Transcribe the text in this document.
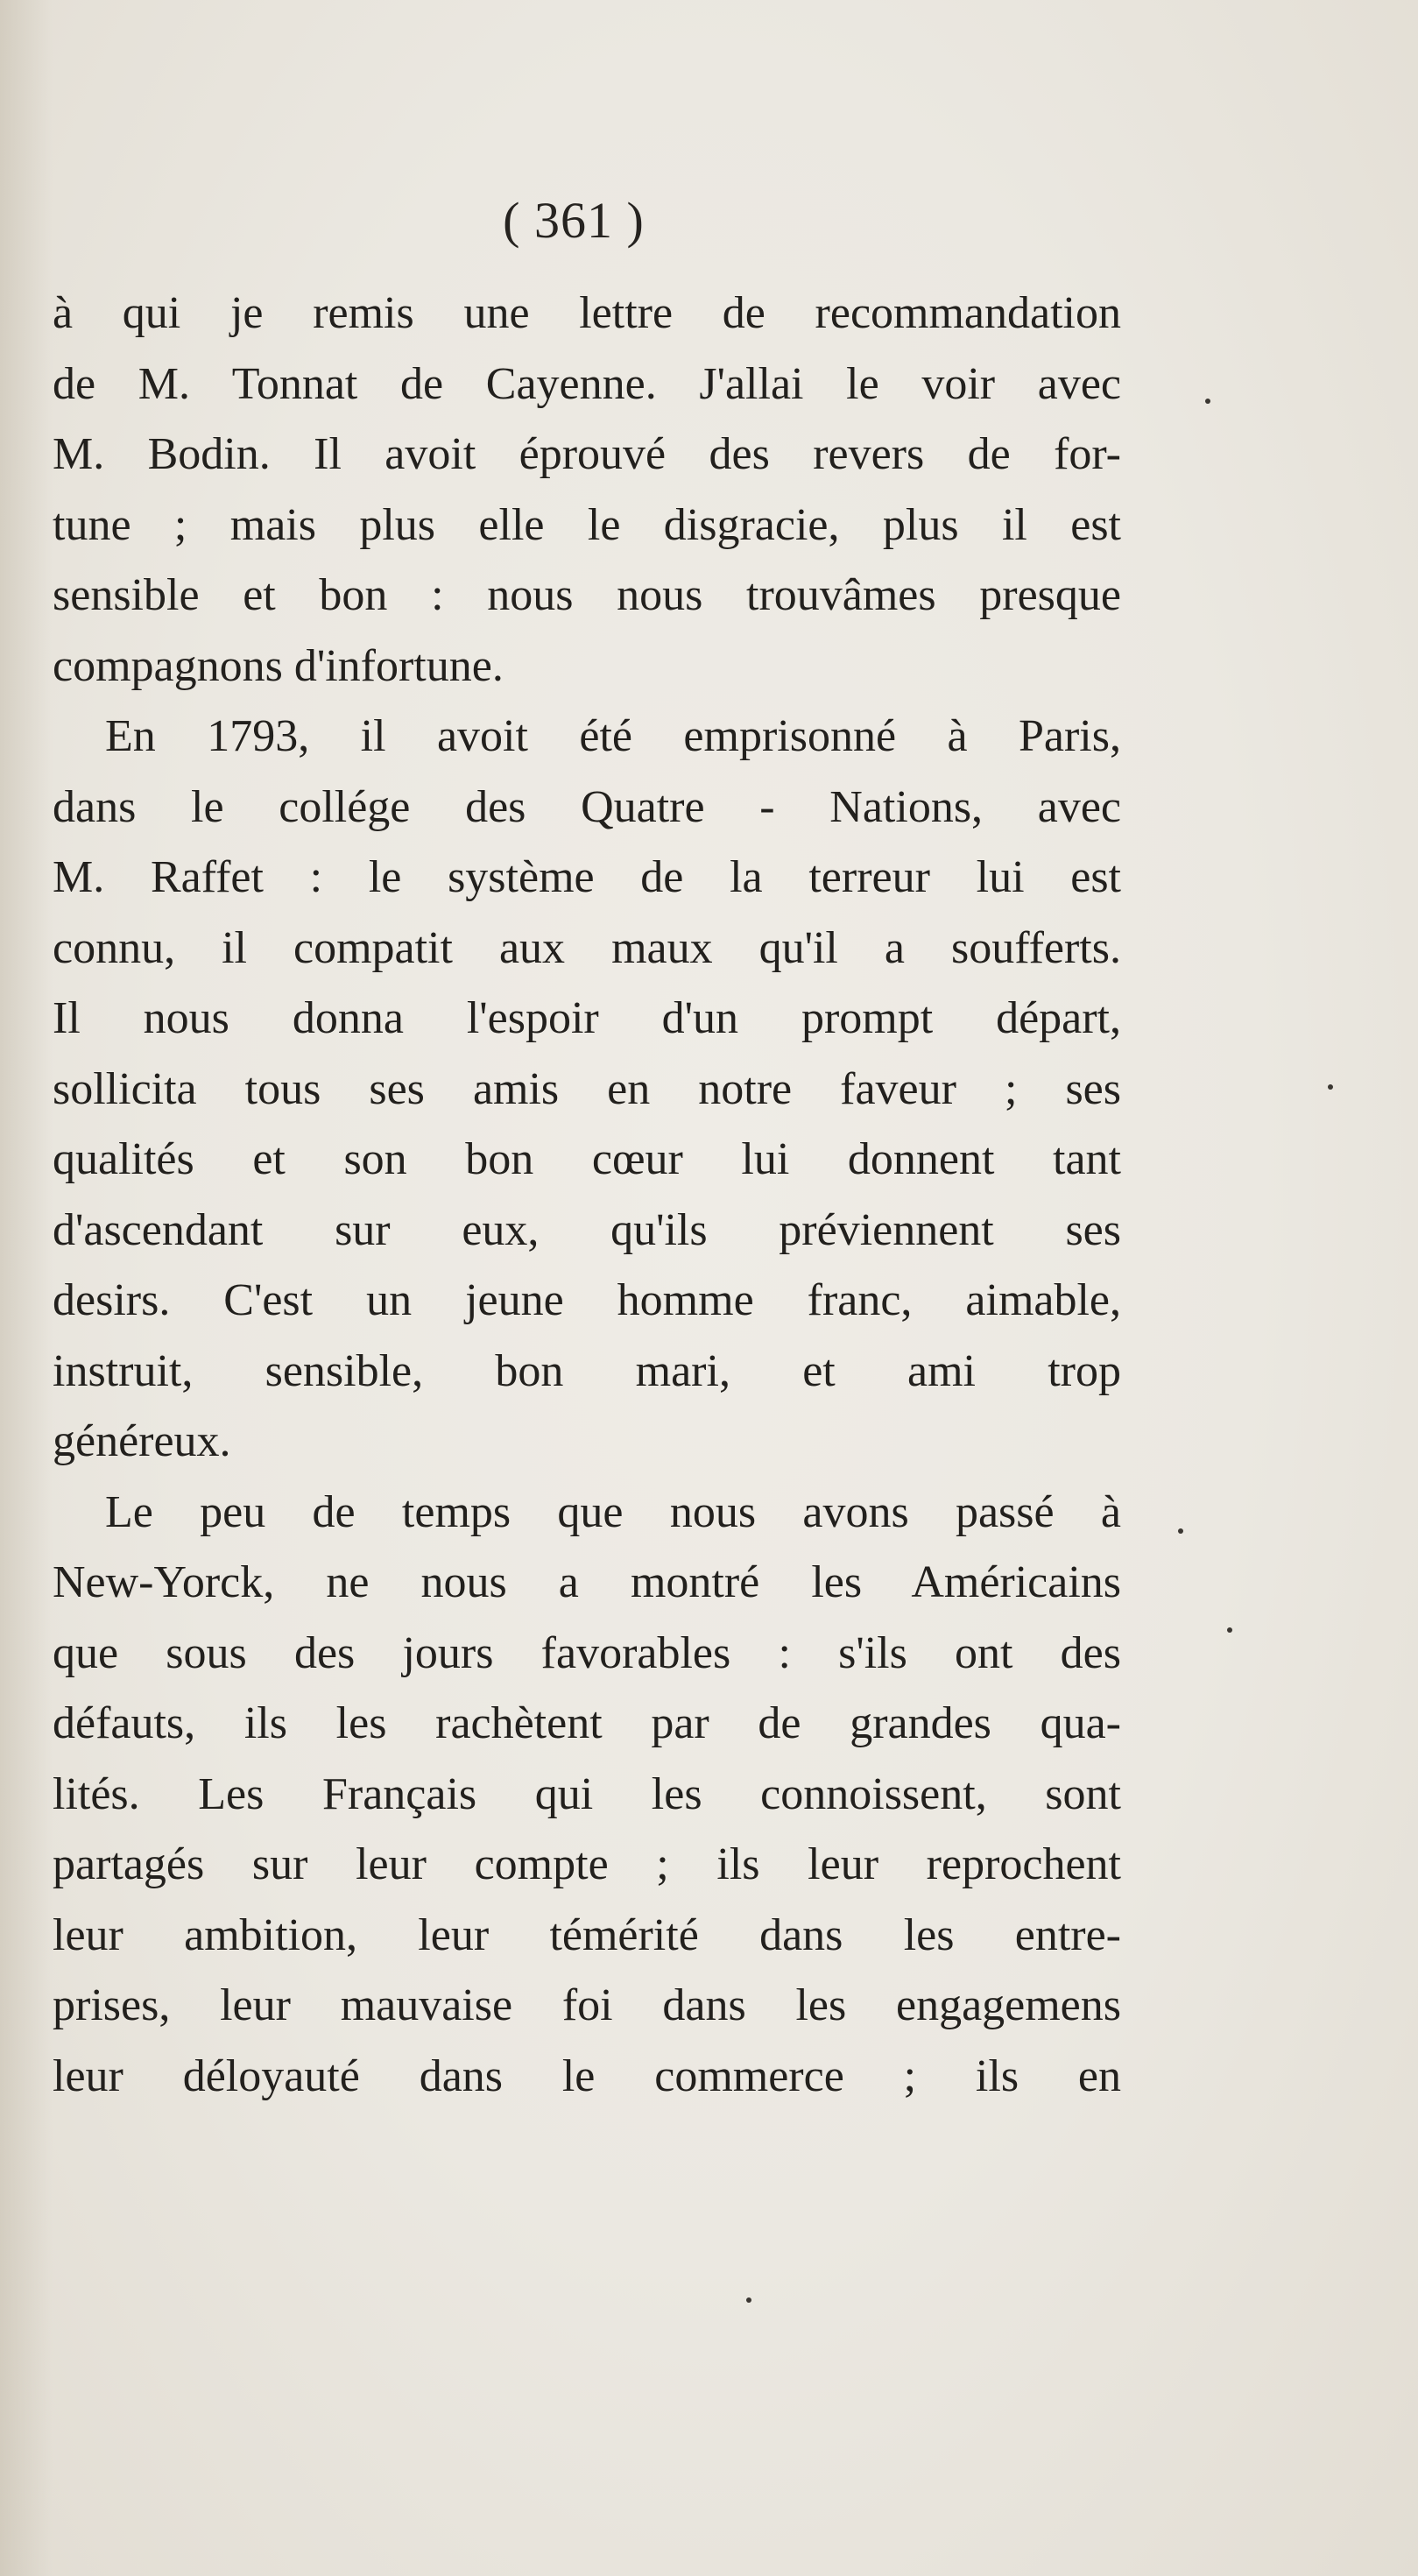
( 361 )
à qui je remis une lettre de recommandation
de M. Tonnat de Cayenne. J'allai le voir avec
M. Bodin. Il avoit éprouvé des revers de for-
tune ; mais plus elle le disgracie, plus il est
sensible et bon : nous nous trouvâmes presque
compagnons d'infortune.
En 1793, il avoit été emprisonné à Paris,
dans le collége des Quatre - Nations, avec
M. Raffet : le système de la terreur lui est
connu, il compatit aux maux qu'il a soufferts.
Il nous donna l'espoir d'un prompt départ,
sollicita tous ses amis en notre faveur ; ses
qualités et son bon cœur lui donnent tant
d'ascendant sur eux, qu'ils préviennent ses
desirs. C'est un jeune homme franc, aimable,
instruit, sensible, bon mari, et ami trop
généreux.
Le peu de temps que nous avons passé à
New-Yorck, ne nous a montré les Américains
que sous des jours favorables : s'ils ont des
défauts, ils les rachètent par de grandes qua-
lités. Les Français qui les connoissent, sont
partagés sur leur compte ; ils leur reprochent
leur ambition, leur témérité dans les entre-
prises, leur mauvaise foi dans les engagemens
leur déloyauté dans le commerce ; ils en
